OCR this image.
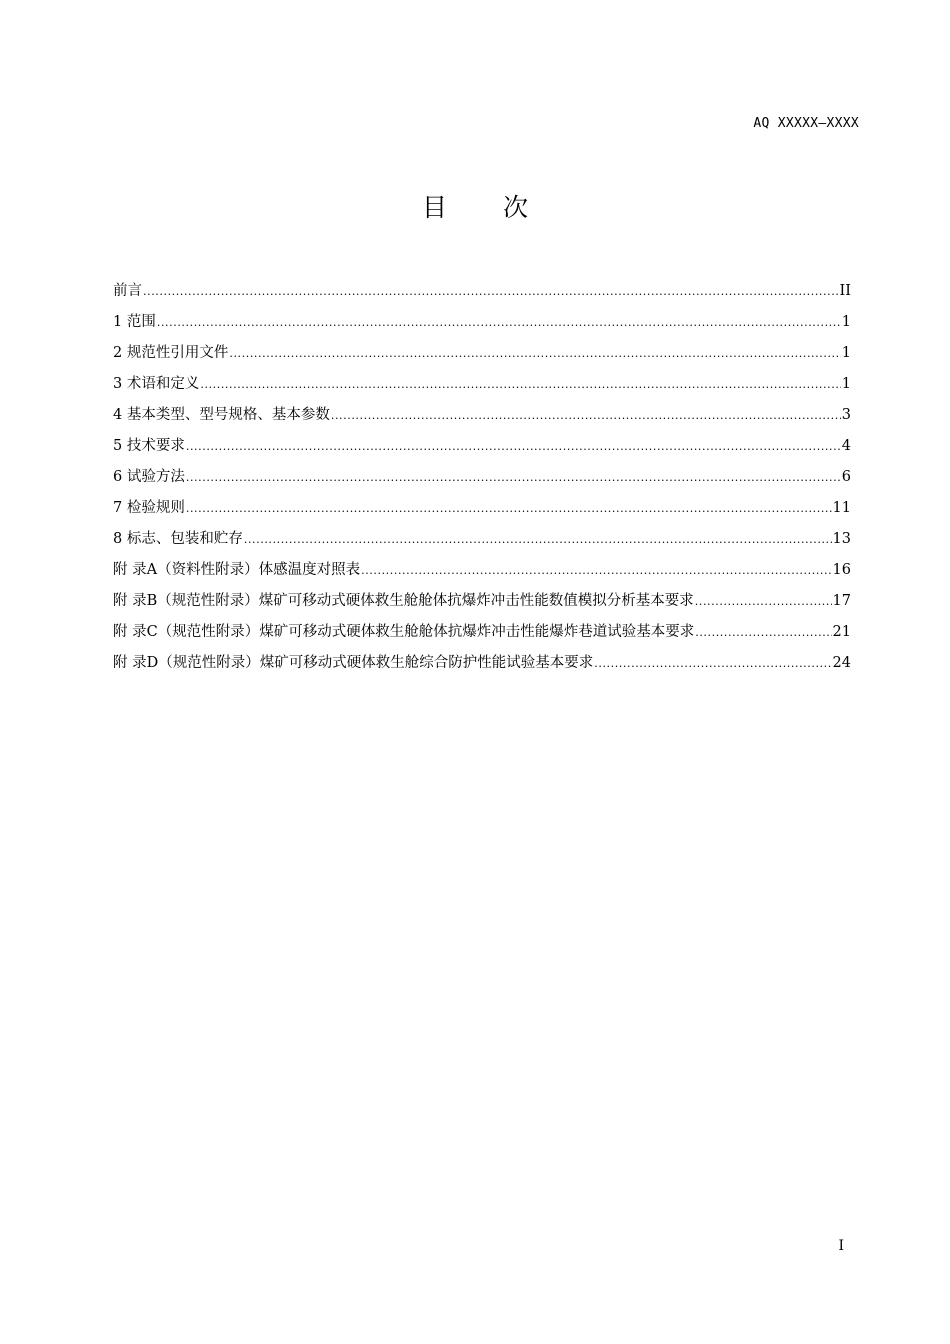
AQ XXXXX—XXXX
目 次
前言 .....	II
1 范围 .....	1
2 规范性引用文件 .....	1
3 术语和定义 .....	1
4 基本类型、型号规格、基本参数 .....	3
5 技术要求 .....	4
6 试验方法 .....	6
7 检验规则 .....	11
8 标志、包装和贮存 .....	13
附 录 A （资料性附录） 体感温度对照表 .....	16
附 录 B （规范性附录） 煤矿可移动式硬体救生舱舱体抗爆炸冲击性能数值模拟分析基本要求 .....	17
附 录 C （规范性附录） 煤矿可移动式硬体救生舱舱体抗爆炸冲击性能爆炸巷道试验基本要求 .....	21
附 录 D （规范性附录） 煤矿可移动式硬体救生舱综合防护性能试验基本要求 .....	24
I
